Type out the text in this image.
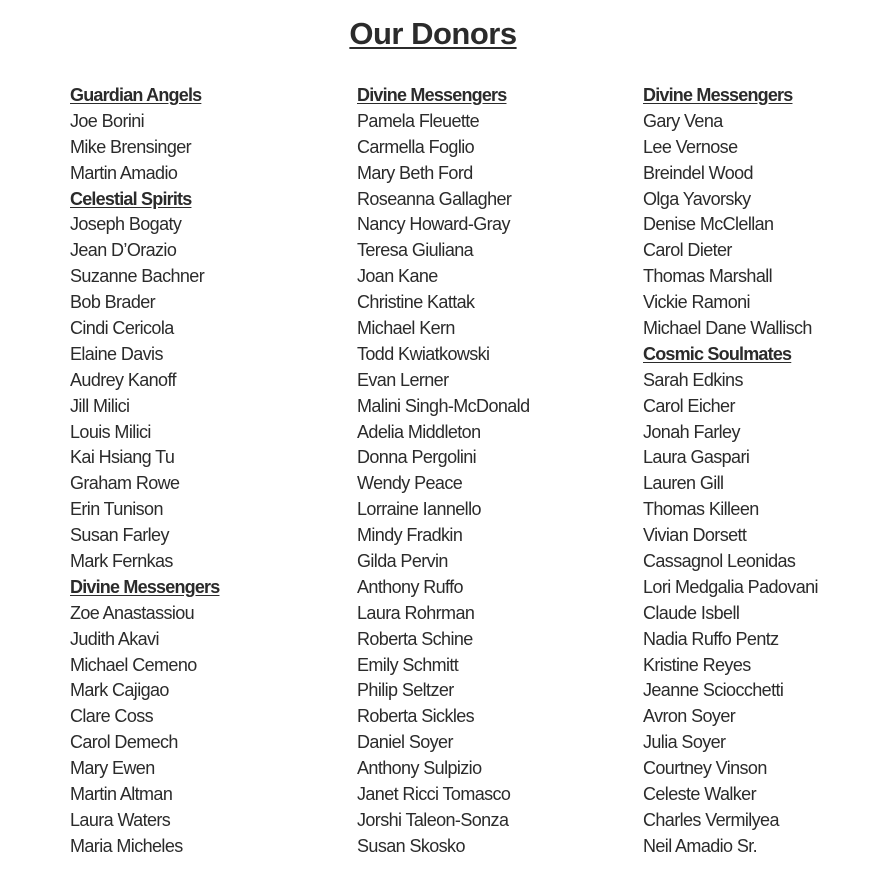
Our Donors
Guardian Angels
Joe Borini
Mike Brensinger
Martin Amadio
Celestial Spirits
Joseph Bogaty
Jean D’Orazio
Suzanne Bachner
Bob Brader
Cindi Cericola
Elaine Davis
Audrey Kanoff
Jill Milici
Louis Milici
Kai Hsiang Tu
Graham Rowe
Erin Tunison
Susan Farley
Mark Fernkas
Divine Messengers
Zoe Anastassiou
Judith Akavi
Michael Cemeno
Mark Cajigao
Clare Coss
Carol Demech
Mary Ewen
Martin Altman
Laura Waters
Maria Micheles
Divine Messengers
Pamela Fleuette
Carmella Foglio
Mary Beth Ford
Roseanna Gallagher
Nancy Howard-Gray
Teresa Giuliana
Joan Kane
Christine Kattak
Michael Kern
Todd Kwiatkowski
Evan Lerner
Malini Singh-McDonald
Adelia Middleton
Donna Pergolini
Wendy Peace
Lorraine Iannello
Mindy Fradkin
Gilda Pervin
Anthony Ruffo
Laura Rohrman
Roberta Schine
Emily Schmitt
Philip Seltzer
Roberta Sickles
Daniel Soyer
Anthony Sulpizio
Janet Ricci Tomasco
Jorshi Taleon-Sonza
Susan Skosko
Divine Messengers
Gary Vena
Lee Vernose
Breindel Wood
Olga Yavorsky
Denise McClellan
Carol Dieter
Thomas Marshall
Vickie Ramoni
Michael Dane Wallisch
Cosmic Soulmates
Sarah Edkins
Carol Eicher
Jonah Farley
Laura Gaspari
Lauren Gill
Thomas Killeen
Vivian Dorsett
Cassagnol Leonidas
Lori Medgalia Padovani
Claude Isbell
Nadia Ruffo Pentz
Kristine Reyes
Jeanne Sciocchetti
Avron Soyer
Julia Soyer
Courtney Vinson
Celeste Walker
Charles Vermilyea
Neil Amadio Sr.
